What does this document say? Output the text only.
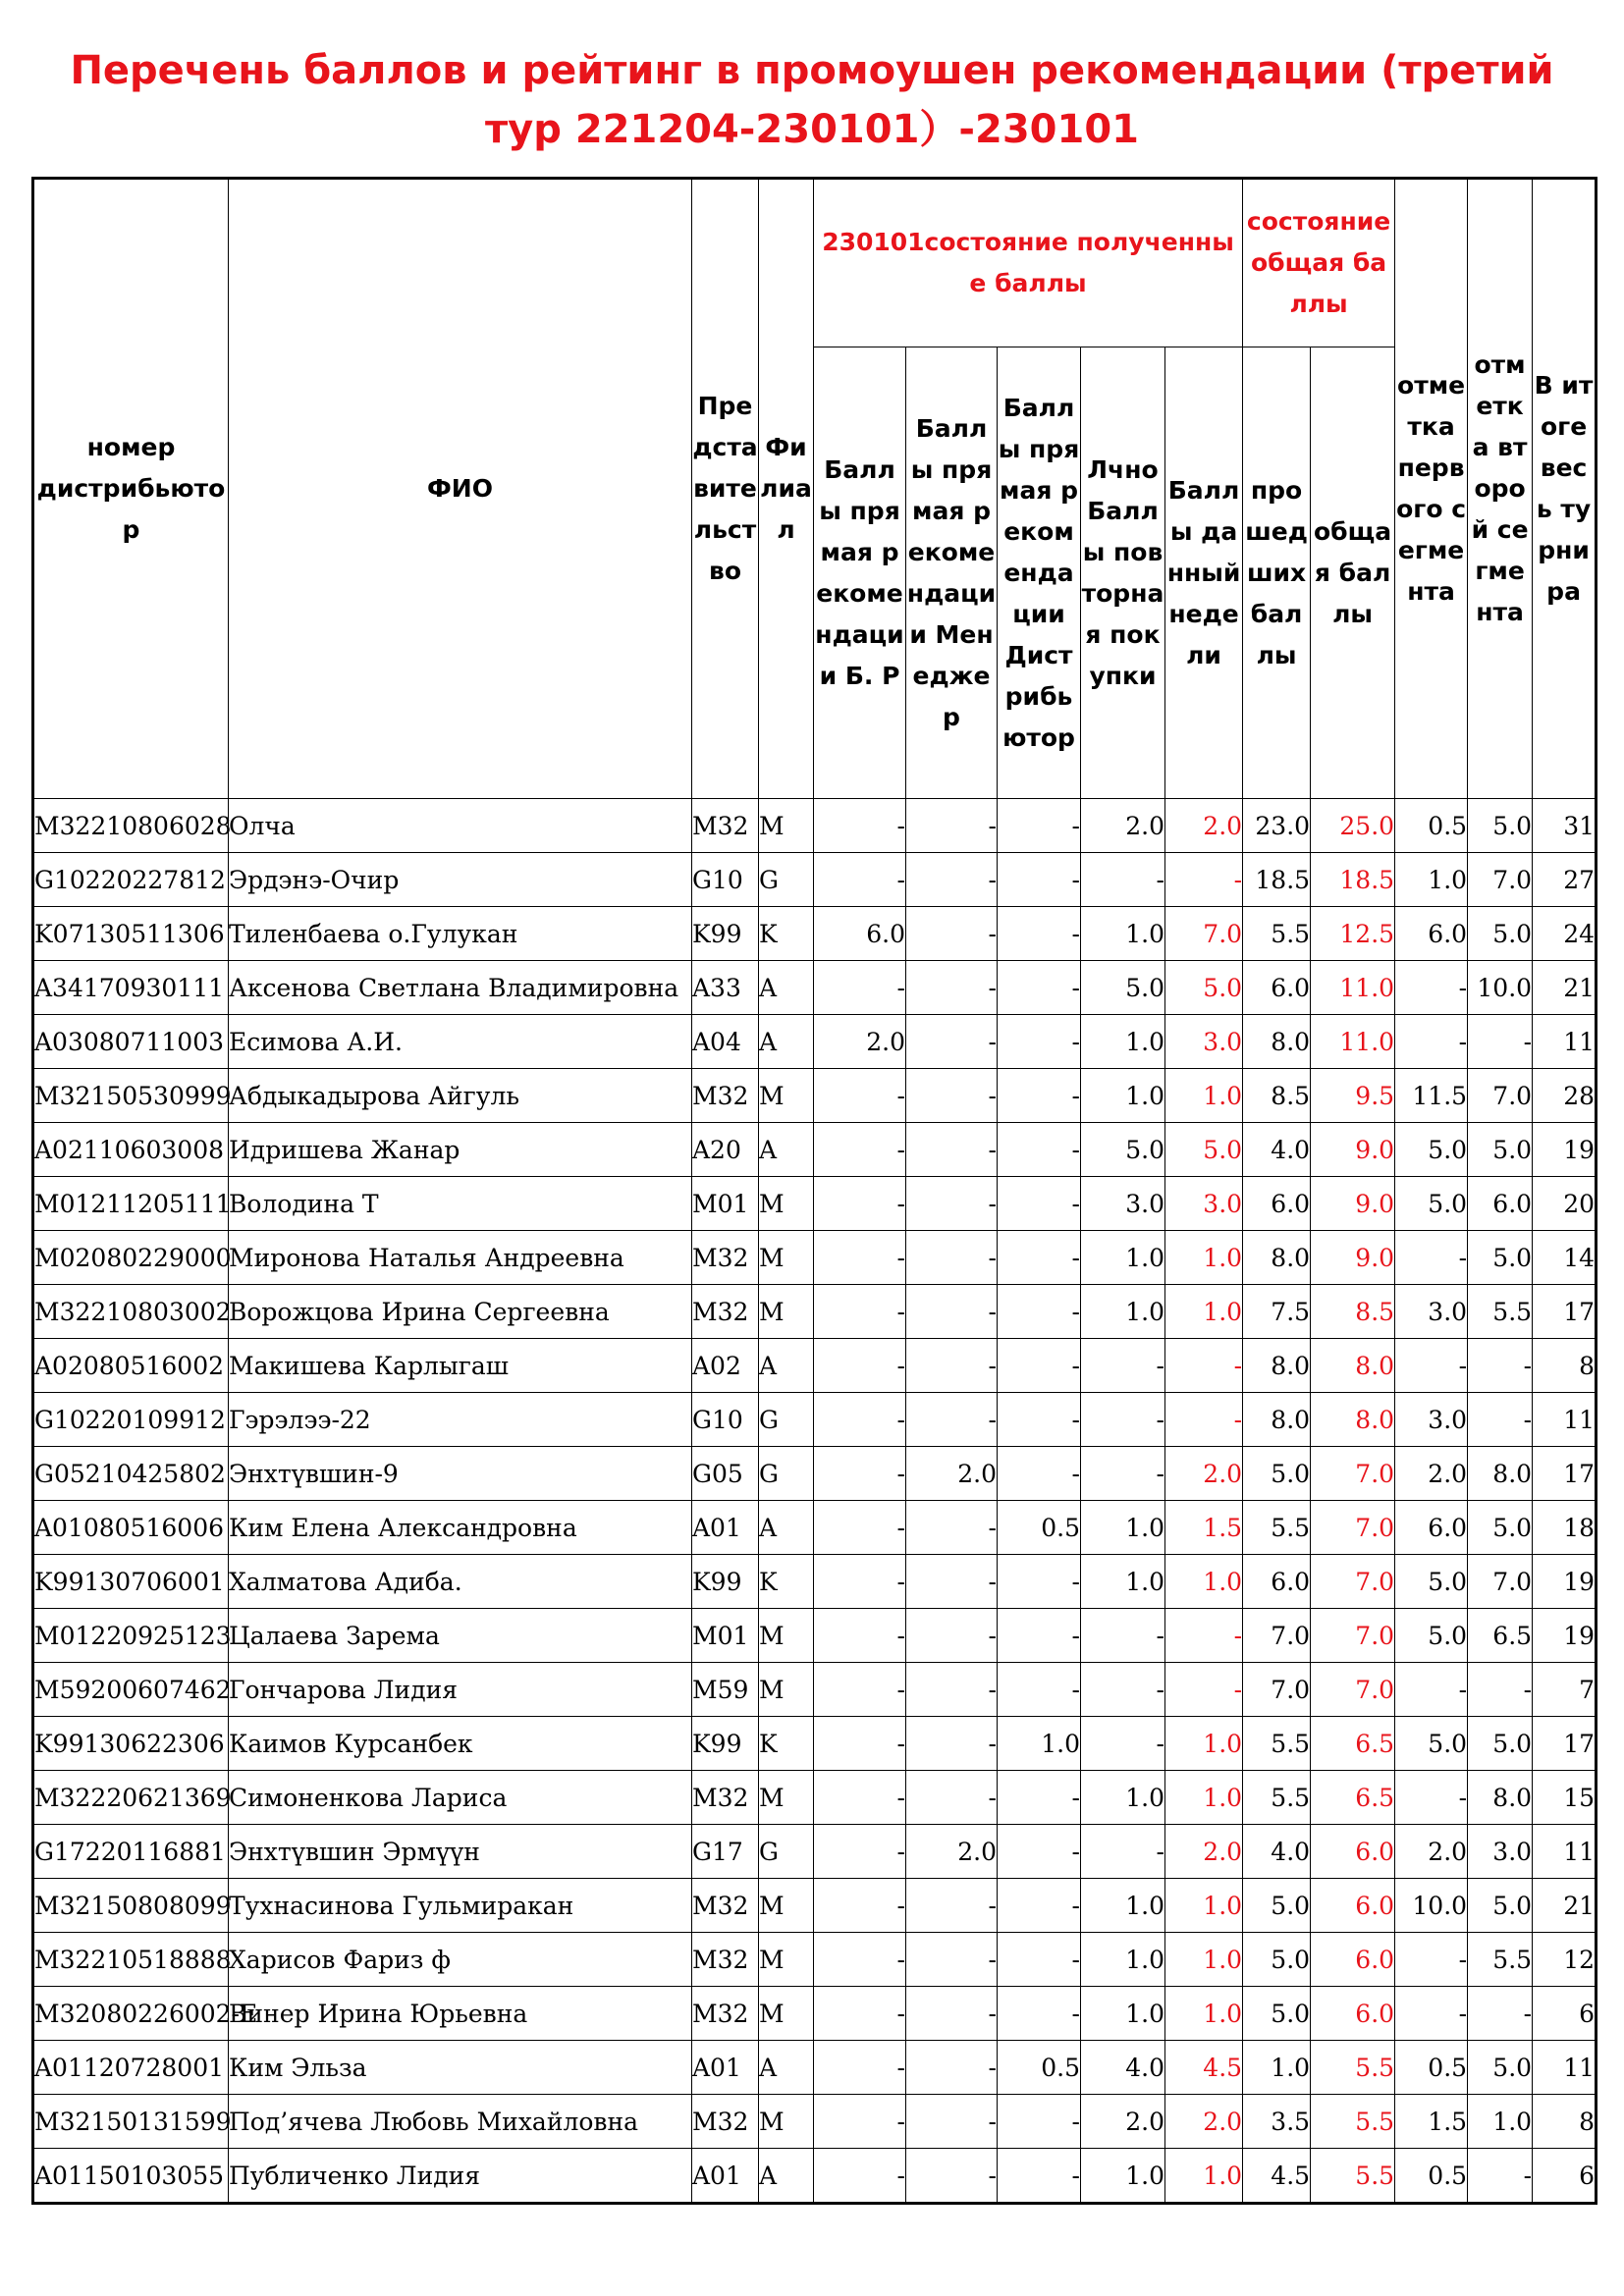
Перечень баллов и рейтинг в промоушен рекомендации (третий
тур 221204-230101）-230101
номер дистрибьютор	ФИО	Представительство	Филиал	230101состояние полученные баллы					состояние общая баллы		отметка первого сегмента	отметка второй сегмента	В итоге весь турнира
				Баллы прямая рекомендации Б. Р	Баллы прямая рекомендации Менеджер	Баллы прямая рекомендации Дистрибьютор	Лчно Баллы повторная покупки	Баллы данный недели	прошедших баллы	общая баллы			
M32210806028	Олча	M32	M	-	-	-	2.0	2.0	23.0	25.0	0.5	5.0	31
G10220227812	Эрдэнэ-Очир	G10	G	-	-	-	-	-	18.5	18.5	1.0	7.0	27
K07130511306	Тиленбаева о.Гулукан	K99	K	6.0	-	-	1.0	7.0	5.5	12.5	6.0	5.0	24
A34170930111	Аксенова Светлана Владимировна	A33	A	-	-	-	5.0	5.0	6.0	11.0	-	10.0	21
A03080711003	Есимова А.И.	A04	A	2.0	-	-	1.0	3.0	8.0	11.0	-	-	11
M32150530999	Абдыкадырова Айгуль	M32	M	-	-	-	1.0	1.0	8.5	9.5	11.5	7.0	28
A02110603008	Идришева Жанар	A20	A	-	-	-	5.0	5.0	4.0	9.0	5.0	5.0	19
M01211205111	Володина Т	M01	M	-	-	-	3.0	3.0	6.0	9.0	5.0	6.0	20
M02080229000	Миронова Наталья Андреевна	M32	M	-	-	-	1.0	1.0	8.0	9.0	-	5.0	14
M32210803002	Ворожцова Ирина Сергеевна	M32	M	-	-	-	1.0	1.0	7.5	8.5	3.0	5.5	17
A02080516002	Макишева Карлыгаш	A02	A	-	-	-	-	-	8.0	8.0	-	-	8
G10220109912	Гэрэлээ-22	G10	G	-	-	-	-	-	8.0	8.0	3.0	-	11
G05210425802	Энхтүвшин-9	G05	G	-	2.0	-	-	2.0	5.0	7.0	2.0	8.0	17
A01080516006	Ким Елена Александровна	A01	A	-	-	0.5	1.0	1.5	5.5	7.0	6.0	5.0	18
K99130706001	Халматова Адиба.	K99	K	-	-	-	1.0	1.0	6.0	7.0	5.0	7.0	19
M01220925123	Цалаева Зарема	M01	M	-	-	-	-	-	7.0	7.0	5.0	6.5	19
M59200607462	Гончарова Лидия	M59	M	-	-	-	-	-	7.0	7.0	-	-	7
K99130622306	Каимов Курсанбек	K99	K	-	-	1.0	-	1.0	5.5	6.5	5.0	5.0	17
M32220621369	Симоненкова Лариса	M32	M	-	-	-	1.0	1.0	5.5	6.5	-	8.0	15
G17220116881	Энхтүвшин Эрмүүн	G17	G	-	2.0	-	-	2.0	4.0	6.0	2.0	3.0	11
M32150808099	Тухнасинова Гульмиракан	M32	M	-	-	-	1.0	1.0	5.0	6.0	10.0	5.0	21
M32210518888	Харисов Фариз ф	M32	M	-	-	-	1.0	1.0	5.0	6.0	-	5.5	12
M32080226002-E	Винер Ирина Юрьевна	M32	M	-	-	-	1.0	1.0	5.0	6.0	-	-	6
A01120728001	Ким Эльза	A01	A	-	-	0.5	4.0	4.5	1.0	5.5	0.5	5.0	11
M32150131599	Под’ячева Любовь Михайловна	M32	M	-	-	-	2.0	2.0	3.5	5.5	1.5	1.0	8
A01150103055	Публиченко Лидия	A01	A	-	-	-	1.0	1.0	4.5	5.5	0.5	-	6
